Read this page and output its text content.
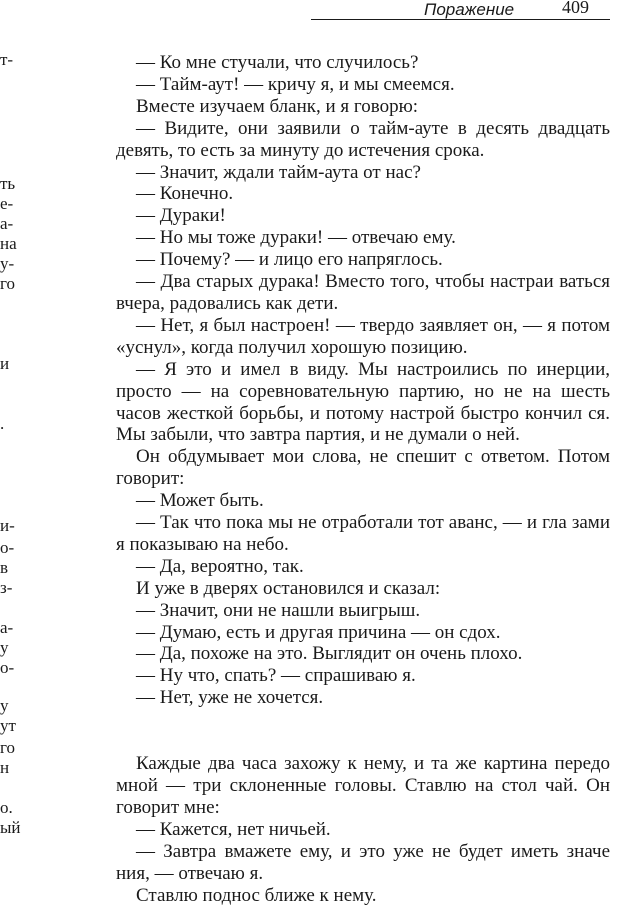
Поражение	409
т-
ть
е-
а-
на
у-
го
и
.
и-
о-
в
з-
а-
у
о-
у
ут
го
н
о.
ый

— Ко мне стучали, что случилось?

— Тайм-аут! — кричу я, и мы смеемся.

Вместе изучаем бланк, и я говорю:

— Видите, они заявили о тайм-ауте в десять двадцать девять, то есть за минуту до истечения срока.

— Значит, ждали тайм-аута от нас?

— Конечно.

— Дураки!

— Но мы тоже дураки! — отвечаю ему.

— Почему? — и лицо его напряглось.

— Два старых дурака! Вместо того, чтобы настраи ваться вчера, радовались как дети.

— Нет, я был настроен! — твердо заявляет он, — я потом «уснул», когда получил хорошую позицию.

— Я это и имел в виду. Мы настроились по инерции, просто — на соревновательную партию, но не на шесть часов жесткой борьбы, и потому настрой быстро кончил ся. Мы забыли, что завтра партия, и не думали о ней.

Он обдумывает мои слова, не спешит с ответом. Потом говорит:

— Может быть.

— Так что пока мы не отработали тот аванс, — и гла зами я показываю на небо.

— Да, вероятно, так.

И уже в дверях остановился и сказал:

— Значит, они не нашли выигрыш.

— Думаю, есть и другая причина — он сдох.

— Да, похоже на это. Выглядит он очень плохо.

— Ну что, спать? — спрашиваю я.

— Нет, уже не хочется.

Каждые два часа захожу к нему, и та же картина передо мной — три склоненные головы. Ставлю на стол чай. Он говорит мне:

— Кажется, нет ничьей.

— Завтра вмажете ему, и это уже не будет иметь значе ния, — отвечаю я.

Ставлю поднос ближе к нему.
